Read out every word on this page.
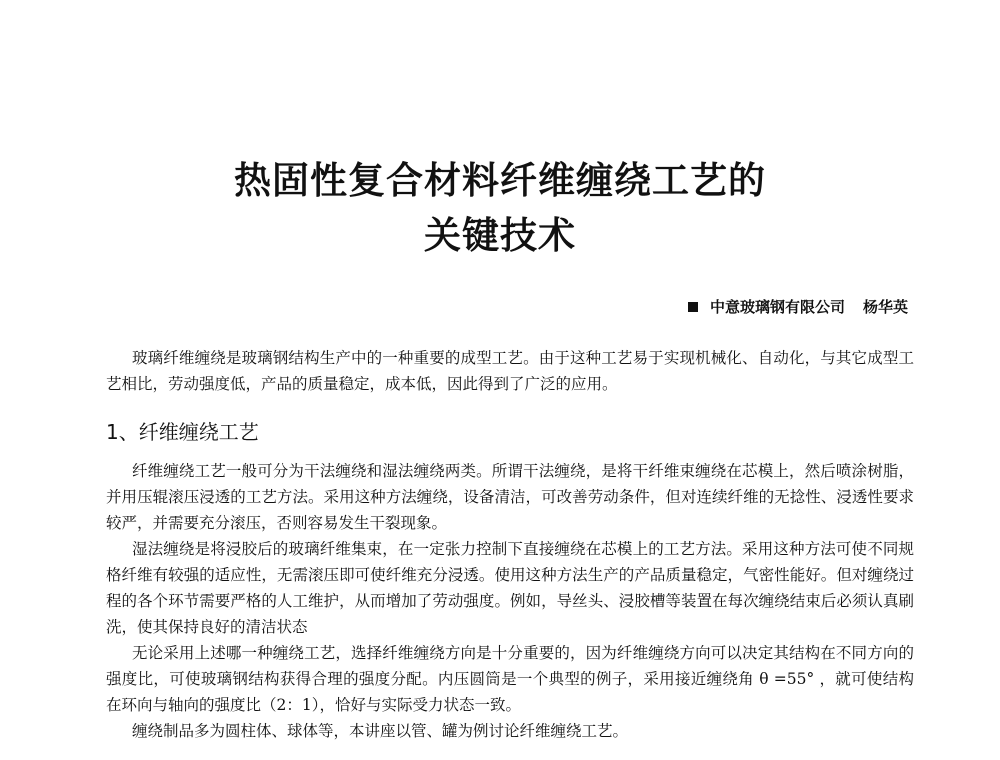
热固性复合材料纤维缠绕工艺的
关键技术
中意玻璃钢有限公司 杨华英

玻璃纤维缠绕是玻璃钢结构生产中的一种重要的成型工艺。由于这种工艺易于实现机械化、自动化，与其它成型工艺相比，劳动强度低，产品的质量稳定，成本低，因此得到了广泛的应用。

1、纤维缠绕工艺

纤维缠绕工艺一般可分为干法缠绕和湿法缠绕两类。所谓干法缠绕，是将干纤维束缠绕在芯模上，然后喷涂树脂，并用压辊滚压浸透的工艺方法。采用这种方法缠绕，设备清洁，可改善劳动条件，但对连续纤维的无捻性、浸透性要求较严，并需要充分滚压，否则容易发生干裂现象。

湿法缠绕是将浸胶后的玻璃纤维集束，在一定张力控制下直接缠绕在芯模上的工艺方法。采用这种方法可使不同规格纤维有较强的适应性，无需滚压即可使纤维充分浸透。使用这种方法生产的产品质量稳定，气密性能好。但对缠绕过程的各个环节需要严格的人工维护，从而增加了劳动强度。例如，导丝头、浸胶槽等装置在每次缠绕结束后必须认真刷洗，使其保持良好的清洁状态

无论采用上述哪一种缠绕工艺，选择纤维缠绕方向是十分重要的，因为纤维缠绕方向可以决定其结构在不同方向的强度比，可使玻璃钢结构获得合理的强度分配。内压圆筒是一个典型的例子，采用接近缠绕角 θ =55° ，就可使结构在环向与轴向的强度比（2：1），恰好与实际受力状态一致。

缠绕制品多为圆柱体、球体等，本讲座以管、罐为例讨论纤维缠绕工艺。
